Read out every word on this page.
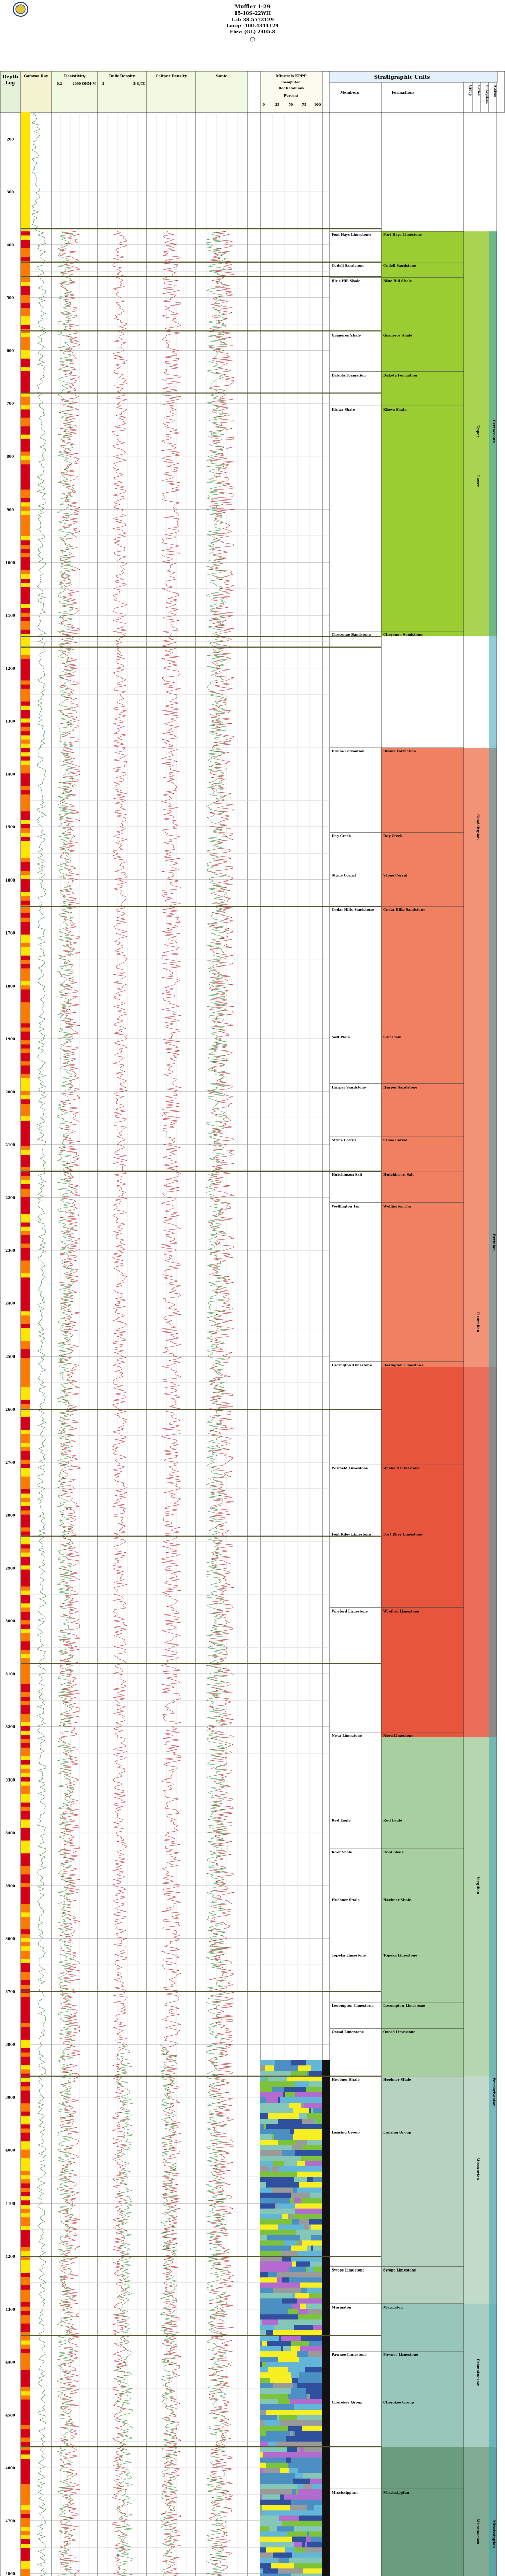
Muffler 1-29
15-18S-22WH
Lat: 38.5572129
Long: -100.4344129
Elev: (GL) 2405.8
Depth
Log
Gamma Ray	Resistivity
0.2	2000 OHM-M
Bulk Density
2	3 G/CC
Caliper Density	Sonic	Minerals KPPP
Computed
Rock Column
Percent
0	25	50	75	100
Stratigraphic Units
Members	Formations	Group Series Subsystem System
Fort Hays Limestone	Fort Hays Limestone
Codell Sandstone	Codell Sandstone
Blue Hill Shale	Blue Hill Shale
Graneros Shale	Graneros Shale
Dakota Formation	Dakota Formation
Kiowa Shale	Kiowa Shale
Cheyenne Sandstone	Cheyenne Sandstone
Blaine Formation	Blaine Formation
Day Creek	Day Creek
Stone Corral	Stone Corral
Cedar Hills Sandstone	Cedar Hills Sandstone
Salt Plain	Salt Plain
Harper Sandstone	Harper Sandstone
Stone Corral	Stone Corral
Hutchinson Salt	Hutchinson Salt
Wellington Fm	Wellington Fm
Herington Limestone	Herington Limestone
Winfield Limestone	Winfield Limestone
Fort Riley Limestone	Fort Riley Limestone
Wreford Limestone	Wreford Limestone
Neva Limestone	Neva Limestone
Red Eagle	Red Eagle
Root Shale	Root Shale
Heebner Shale	Heebner Shale
Topeka Limestone	Topeka Limestone
Lecompton Limestone	Lecompton Limestone
Oread Limestone	Oread Limestone
Heebner Shale	Heebner Shale
Lansing Group	Lansing Group
Swope Limestone	Swope Limestone
Marmaton	Marmaton
Pawnee Limestone	Pawnee Limestone
Cherokee Group	Cherokee Group
Mississippian	Mississippian
Upper
Lower
Guadalupian
Cisuralian
Virgilian
Missourian
Desmoinesian
Meramecian
Cretaceous
Permian
Pennsylvanian
Mississippian
200
300
400
500
600
700
800
900
1000
1100
1200
1300
1400
1500
1600
1700
1800
1900
2000
2100
2200
2300
2400
2500
2600
2700
2800
2900
3000
3100
3200
3300
3400
3500
3600
3700
3800
3900
4000
4100
4200
4300
4400
4500
4600
4700
4800
